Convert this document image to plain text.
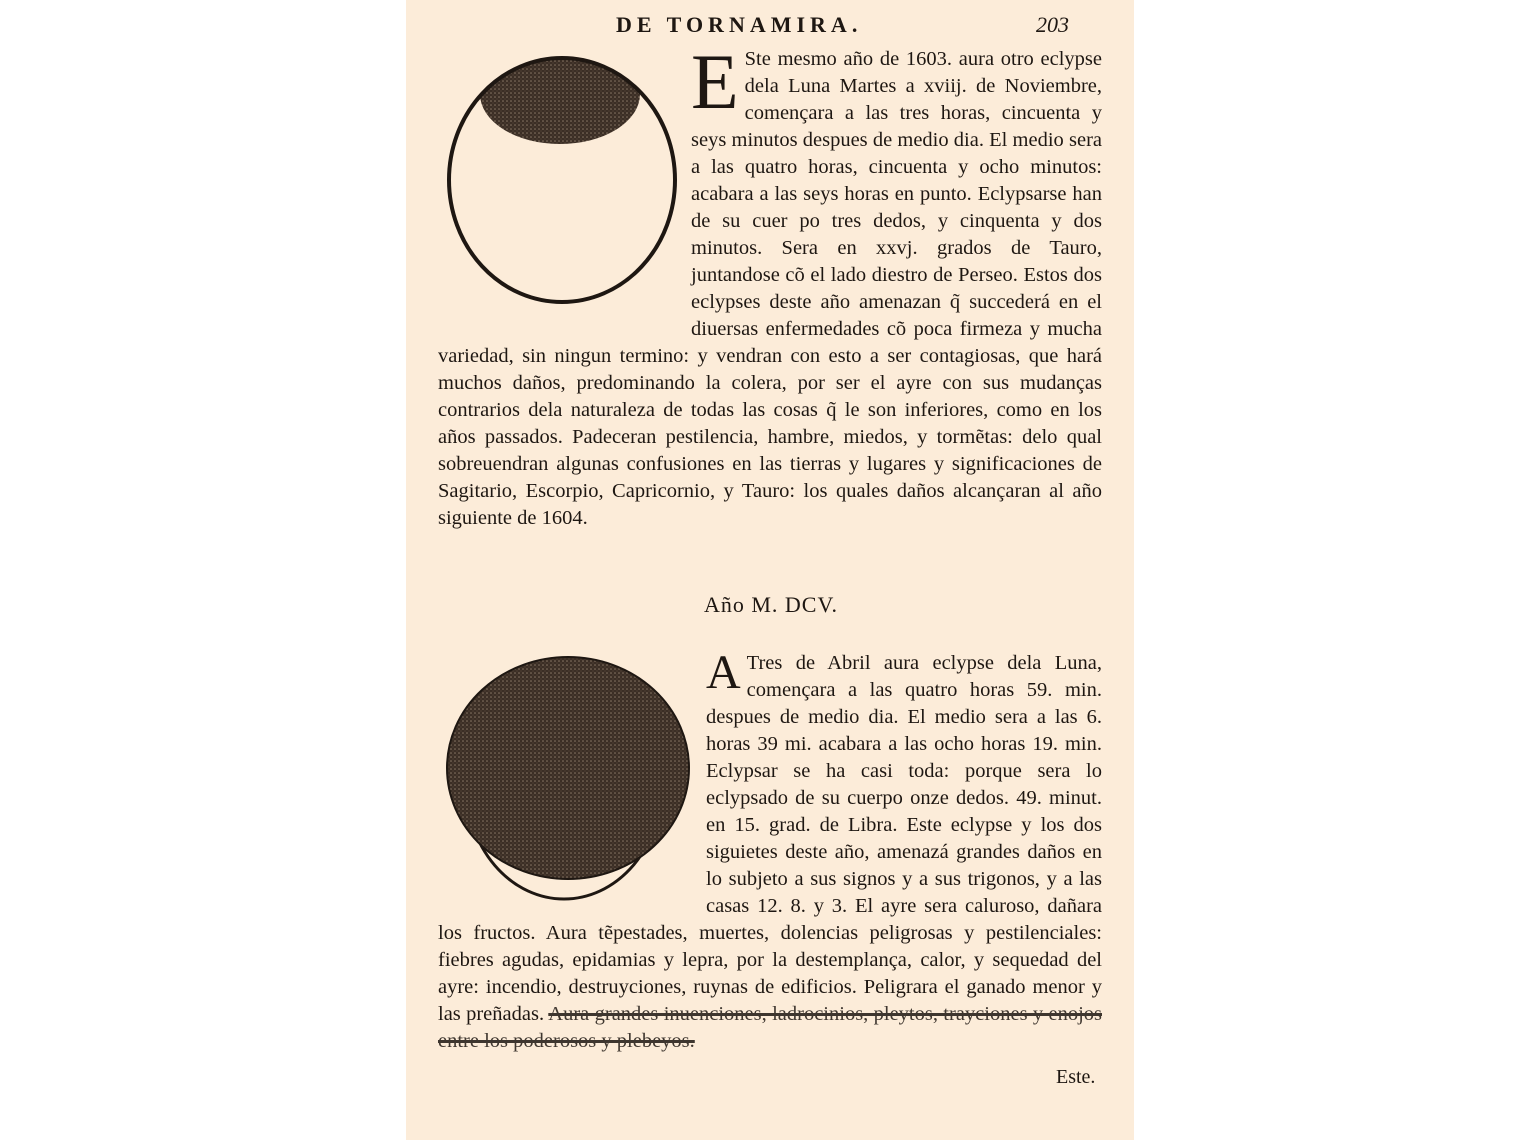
DE TORNAMIRA.	203
E Ste mesmo año de 1603. aura otro eclypse dela Luna Martes a xviij. de Noviembre, començara a las tres horas, cincuenta y seys minutos despues de medio dia. El medio sera a las quatro horas, cincuenta y ocho minutos: acabara a las seys horas en punto. Eclypsarse han de su cuer po tres dedos, y cinquenta y dos minutos. Sera en xxvj. grados de Tauro, juntandose cõ el lado diestro de Perseo. Estos dos eclypses deste año amenazan q̃ succederá en el diuersas enfermedades cõ poca firmeza y mucha variedad, sin ningun termino: y vendran con esto a ser contagiosas, que hará muchos daños, predominando la colera, por ser el ayre con sus mudanças contrarios dela naturaleza de todas las cosas q̃ le son inferiores, como en los años passados. Padeceran pestilencia, hambre, miedos, y tormẽtas: delo qual sobreuendran algunas confusiones en las tierras y lugares y significaciones de Sagitario, Escorpio, Capricornio, y Tauro: los quales daños alcançaran al año siguiente de 1604.
Año M. DCV.
A Tres de Abril aura eclypse dela Luna, començara a las quatro horas 59. min. despues de medio dia. El medio sera a las 6. horas 39 mi. acabara a las ocho horas 19. min. Eclypsar se ha casi toda: porque sera lo eclypsado de su cuerpo onze dedos. 49. minut. en 15. grad. de Libra. Este eclypse y los dos siguietes deste año, amenazá grandes daños en lo subjeto a sus signos y a sus trigonos, y a las casas 12. 8. y 3. El ayre sera caluroso, dañara los fructos. Aura tẽpestades, muertes, dolencias peligrosas y pestilenciales: fiebres agudas, epidamias y lepra, por la destemplança, calor, y sequedad del ayre: incendio, destruyciones, ruynas de edificios. Peligrara el ganado menor y las preñadas. Aura grandes inuenciones, ladrocinios, pleytos, trayciones y enojos entre los poderosos y plebeyos.
Este.
